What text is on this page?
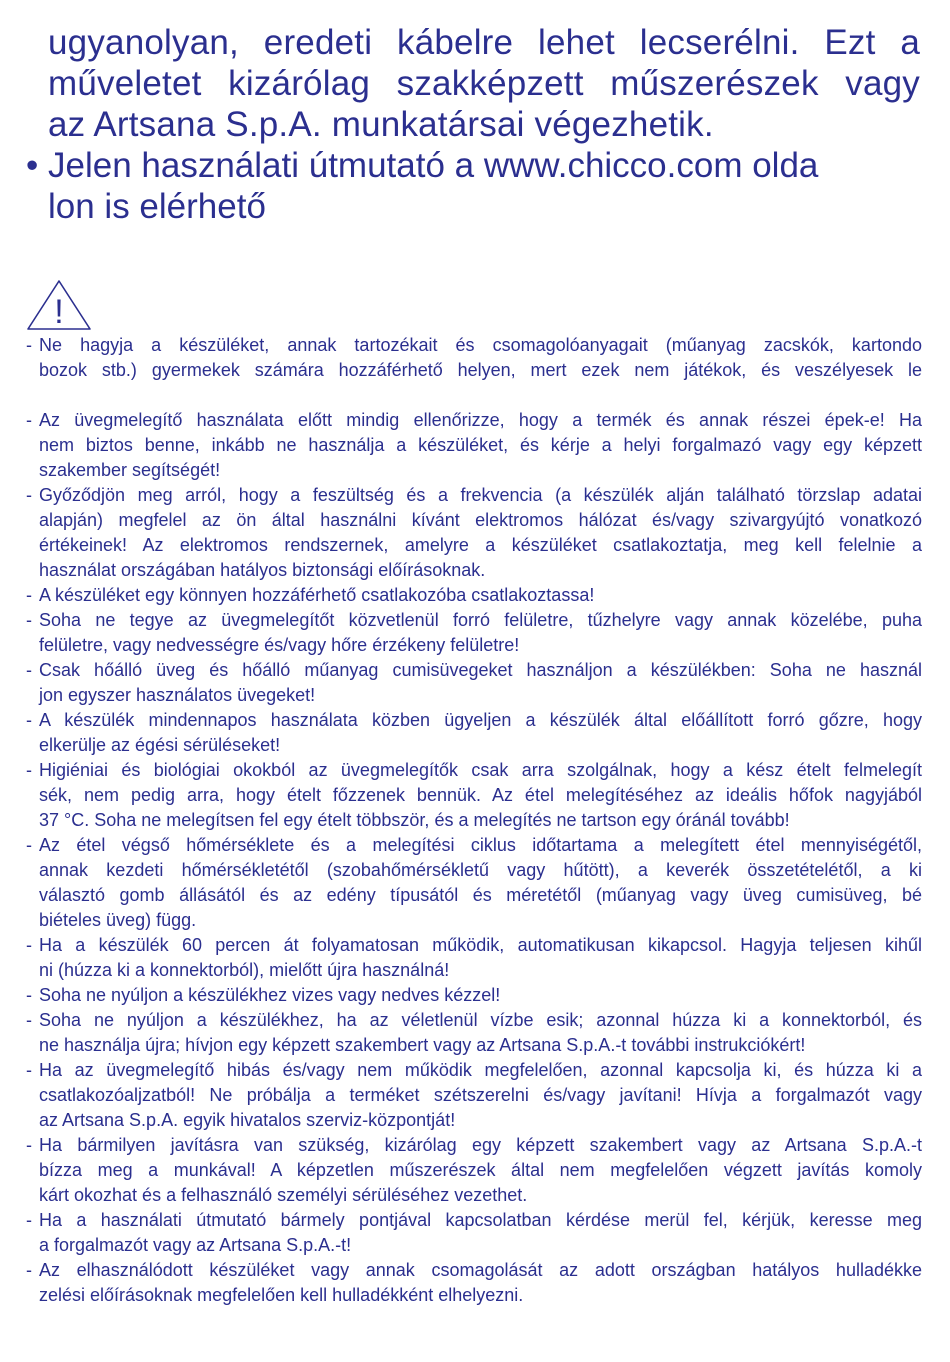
ugyanolyan, eredeti kábelre lehet lecserélni. Ezt a
műveletet kizárólag szakképzett műszerészek vagy
az Artsana S.p.A. munkatársai végezhetik.
• Jelen használati útmutató a www.chicco.com olda
lon is elérhető
!
- Ne hagyja a készüléket, annak tartozékait és csomagolóanyagait (műanyag zacskók, kartondo
bozok stb.) gyermekek számára hozzáférhető helyen, mert ezek nem játékok, és veszélyesek le
- Az üvegmelegítő használata előtt mindig ellenőrizze, hogy a termék és annak részei épek-e! Ha
nem biztos benne, inkább ne használja a készüléket, és kérje a helyi forgalmazó vagy egy képzett
szakember segítségét!
- Győződjön meg arról, hogy a feszültség és a frekvencia (a készülék alján található törzslap adatai
alapján) megfelel az ön által használni kívánt elektromos hálózat és/vagy szivargyújtó vonatkozó
értékeinek! Az elektromos rendszernek, amelyre a készüléket csatlakoztatja, meg kell felelnie a
használat országában hatályos biztonsági előírásoknak.
- A készüléket egy könnyen hozzáférhető csatlakozóba csatlakoztassa!
- Soha ne tegye az üvegmelegítőt közvetlenül forró felületre, tűzhelyre vagy annak közelébe, puha
felületre, vagy nedvességre és/vagy hőre érzékeny felületre!
- Csak hőálló üveg és hőálló műanyag cumisüvegeket használjon a készülékben: Soha ne használ
jon egyszer használatos üvegeket!
- A készülék mindennapos használata közben ügyeljen a készülék által előállított forró gőzre, hogy
elkerülje az égési sérüléseket!
- Higiéniai és biológiai okokból az üvegmelegítők csak arra szolgálnak, hogy a kész ételt felmelegít
sék, nem pedig arra, hogy ételt főzzenek bennük. Az étel melegítéséhez az ideális hőfok nagyjából
37 °C. Soha ne melegítsen fel egy ételt többször, és a melegítés ne tartson egy óránál tovább!
- Az étel végső hőmérséklete és a melegítési ciklus időtartama a melegített étel mennyiségétől,
annak kezdeti hőmérsékletétől (szobahőmérsékletű vagy hűtött), a keverék összetételétől, a ki
választó gomb állásától és az edény típusától és méretétől (műanyag vagy üveg cumisüveg, bé
biételes üveg) függ.
- Ha a készülék 60 percen át folyamatosan működik, automatikusan kikapcsol. Hagyja teljesen kihűl
ni (húzza ki a konnektorból), mielőtt újra használná!
- Soha ne nyúljon a készülékhez vizes vagy nedves kézzel!
- Soha ne nyúljon a készülékhez, ha az véletlenül vízbe esik; azonnal húzza ki a konnektorból, és
ne használja újra; hívjon egy képzett szakembert vagy az Artsana S.p.A.-t további instrukciókért!
- Ha az üvegmelegítő hibás és/vagy nem működik megfelelően, azonnal kapcsolja ki, és húzza ki a
csatlakozóaljzatból! Ne próbálja a terméket szétszerelni és/vagy javítani! Hívja a forgalmazót vagy
az Artsana S.p.A. egyik hivatalos szerviz-központját!
- Ha bármilyen javításra van szükség, kizárólag egy képzett szakembert vagy az Artsana S.p.A.-t
bízza meg a munkával! A képzetlen műszerészek által nem megfelelően végzett javítás komoly
kárt okozhat és a felhasználó személyi sérüléséhez vezethet.
- Ha a használati útmutató bármely pontjával kapcsolatban kérdése merül fel, kérjük, keresse meg
a forgalmazót vagy az Artsana S.p.A.-t!
- Az elhasználódott készüléket vagy annak csomagolását az adott országban hatályos hulladékke
zelési előírásoknak megfelelően kell hulladékként elhelyezni.
